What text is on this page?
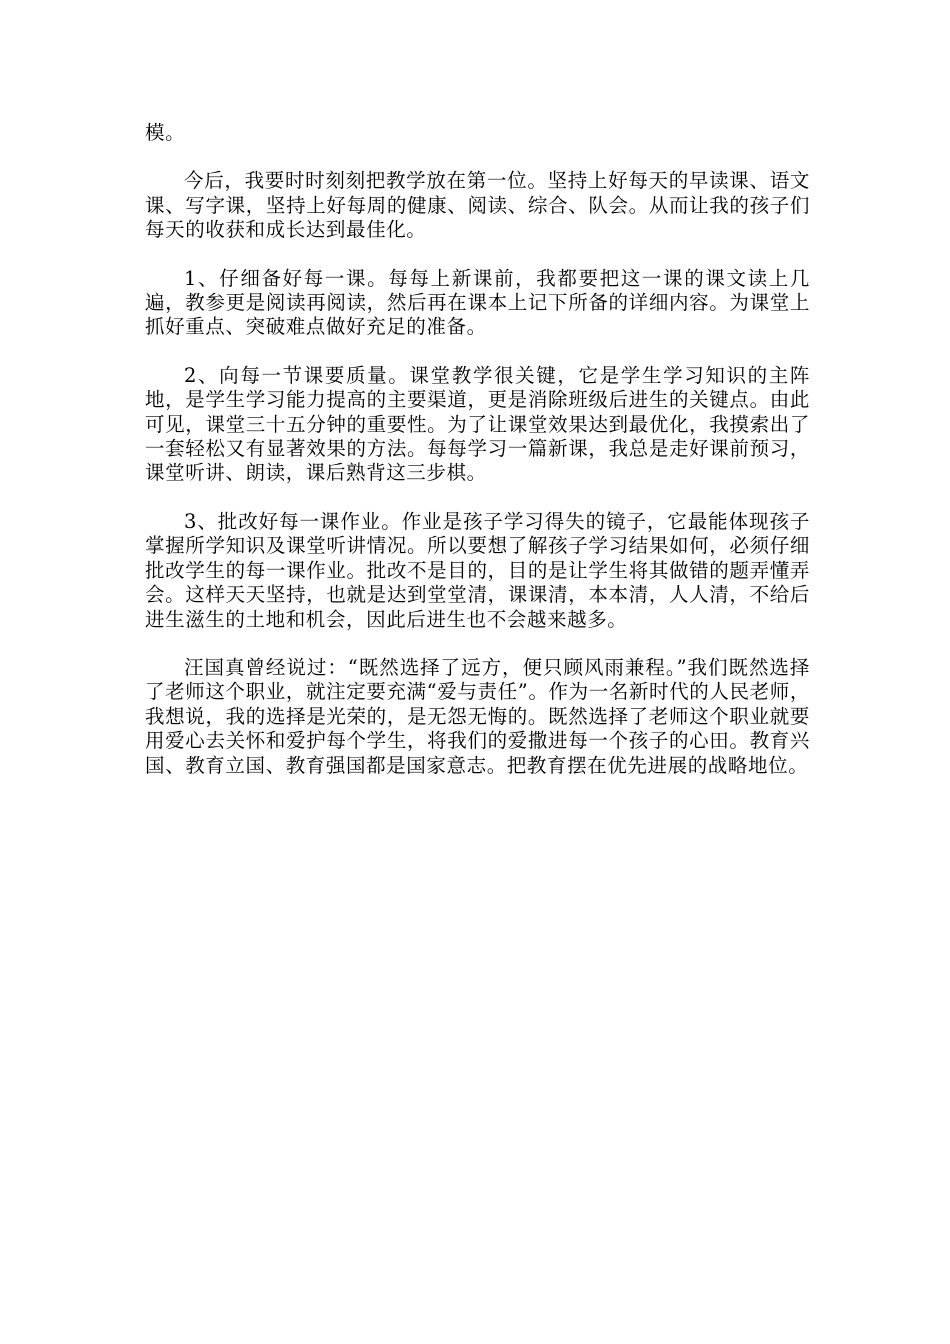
模。

今后，我要时时刻刻把教学放在第一位。坚持上好每天的早读课、语文课、写字课，坚持上好每周的健康、阅读、综合、队会。从而让我的孩子们每天的收获和成长达到最佳化。

1、仔细备好每一课。每每上新课前，我都要把这一课的课文读上几遍，教参更是阅读再阅读，然后再在课本上记下所备的详细内容。为课堂上抓好重点、突破难点做好充足的准备。

2、向每一节课要质量。课堂教学很关键，它是学生学习知识的主阵地，是学生学习能力提高的主要渠道，更是消除班级后进生的关键点。由此可见，课堂三十五分钟的重要性。为了让课堂效果达到最优化，我摸索出了一套轻松又有显著效果的方法。每每学习一篇新课，我总是走好课前预习，课堂听讲、朗读，课后熟背这三步棋。

3、批改好每一课作业。作业是孩子学习得失的镜子，它最能体现孩子掌握所学知识及课堂听讲情况。所以要想了解孩子学习结果如何，必须仔细批改学生的每一课作业。批改不是目的，目的是让学生将其做错的题弄懂弄会。这样天天坚持，也就是达到堂堂清，课课清，本本清，人人清，不给后进生滋生的土地和机会，因此后进生也不会越来越多。

汪国真曾经说过：“既然选择了远方，便只顾风雨兼程。”我们既然选择了老师这个职业，就注定要充满“爱与责任”。作为一名新时代的人民老师，我想说，我的选择是光荣的，是无怨无悔的。既然选择了老师这个职业就要用爱心去关怀和爱护每个学生，将我们的爱撒进每一个孩子的心田。教育兴国、教育立国、教育强国都是国家意志。把教育摆在优先进展的战略地位。
